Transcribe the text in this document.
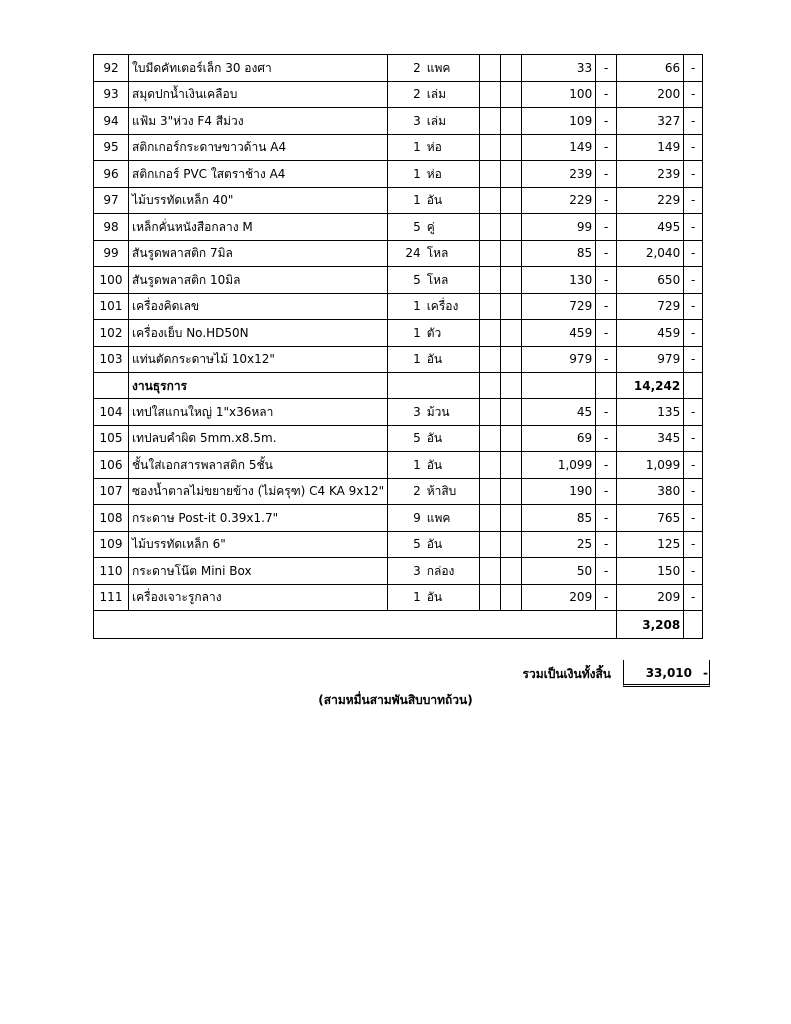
92	ใบมีดคัทเตอร์เล็ก 30 องศา	2	แพค			33	-	66	-
93	สมุดปกน้ำเงินเคลือบ	2	เล่ม			100	-	200	-
94	แฟ้ม 3"ห่วง F4 สีม่วง	3	เล่ม			109	-	327	-
95	สติกเกอร์กระดาษขาวด้าน A4	1	ห่อ			149	-	149	-
96	สติกเกอร์ PVC ใสตราช้าง A4	1	ห่อ			239	-	239	-
97	ไม้บรรทัดเหล็ก 40"	1	อัน			229	-	229	-
98	เหล็กคั่นหนังสือกลาง M	5	คู่			99	-	495	-
99	สันรูดพลาสติก 7มิล	24	โหล			85	-	2,040	-
100	สันรูดพลาสติก 10มิล	5	โหล			130	-	650	-
101	เครื่องคิดเลข	1	เครื่อง			729	-	729	-
102	เครื่องเย็บ No.HD50N	1	ตัว			459	-	459	-
103	แท่นตัดกระดาษไม้ 10x12"	1	อัน			979	-	979	-
	งานธุรการ							14,242	
104	เทปใสแกนใหญ่ 1"x36หลา	3	ม้วน			45	-	135	-
105	เทปลบคำผิด 5mm.x8.5m.	5	อัน			69	-	345	-
106	ชั้นใส่เอกสารพลาสติก 5ชั้น	1	อัน			1,099	-	1,099	-
107	ซองน้ำตาลไม่ขยายข้าง (ไม่ครุฑ) C4 KA 9x12"	2	ห้าสิบ			190	-	380	-
108	กระดาษ Post-it 0.39x1.7"	9	แพค			85	-	765	-
109	ไม้บรรทัดเหล็ก 6"	5	อัน			25	-	125	-
110	กระดาษโน๊ต Mini Box	3	กล่อง			50	-	150	-
111	เครื่องเจาะรูกลาง	1	อัน			209	-	209	-
								3,208	
รวมเป็นเงินทั้งสิ้น	33,010 -
(สามหมื่นสามพันสิบบาทถ้วน)
